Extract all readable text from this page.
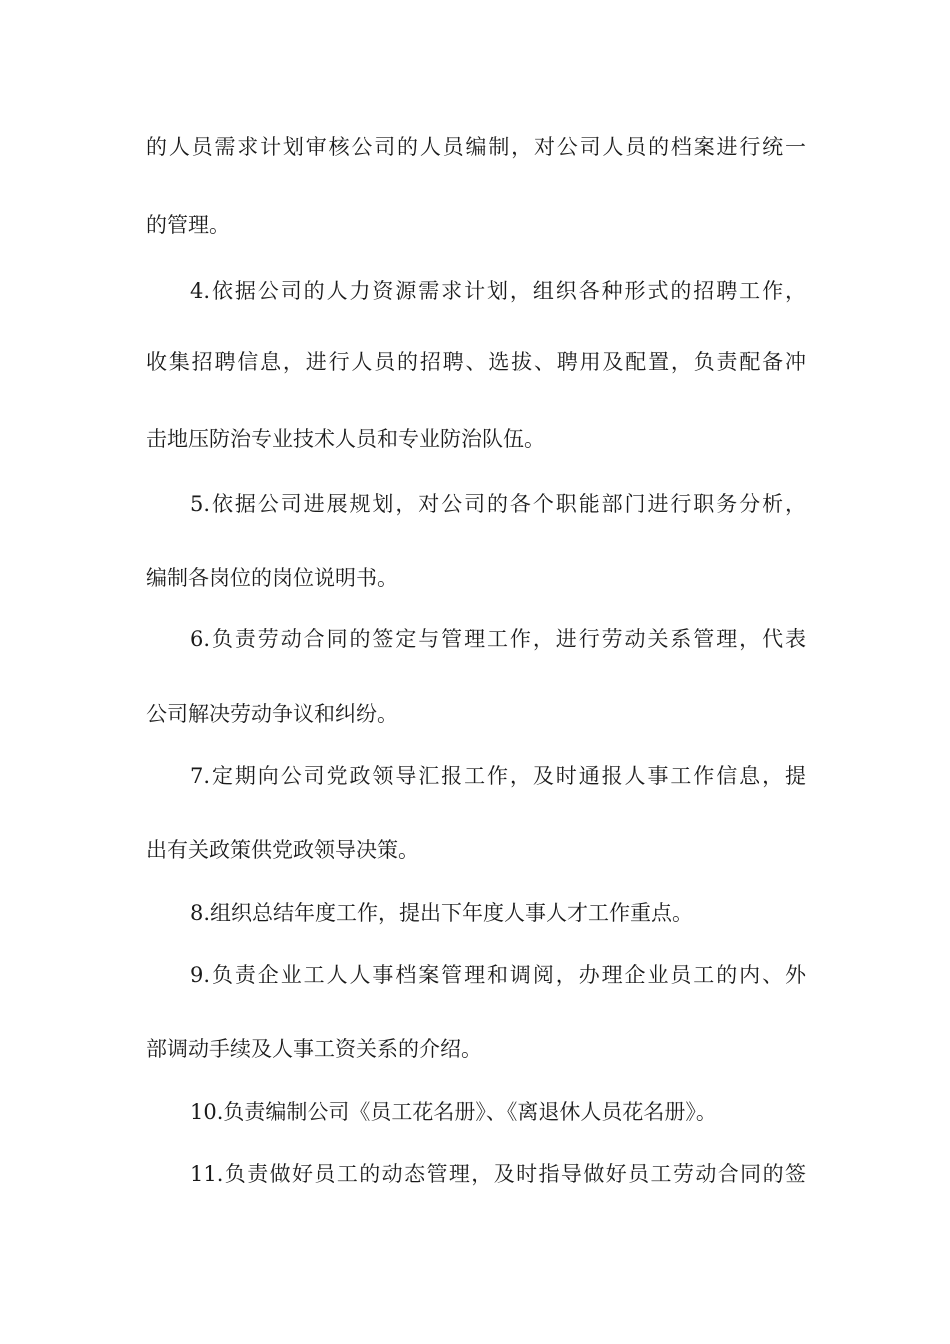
的人员需求计划审核公司的人员编制，对公司人员的档案进行统一
的管理。
4.依据公司的人力资源需求计划，组织各种形式的招聘工作，
收集招聘信息，进行人员的招聘、选拔、聘用及配置，负责配备冲
击地压防治专业技术人员和专业防治队伍。
5.依据公司进展规划，对公司的各个职能部门进行职务分析，
编制各岗位的岗位说明书。
6.负责劳动合同的签定与管理工作，进行劳动关系管理，代表
公司解决劳动争议和纠纷。
7.定期向公司党政领导汇报工作，及时通报人事工作信息，提
出有关政策供党政领导决策。
8.组织总结年度工作，提出下年度人事人才工作重点。
9.负责企业工人人事档案管理和调阅，办理企业员工的内、外
部调动手续及人事工资关系的介绍。
10.负责编制公司《员工花名册》、《离退休人员花名册》。
11.负责做好员工的动态管理，及时指导做好员工劳动合同的签
